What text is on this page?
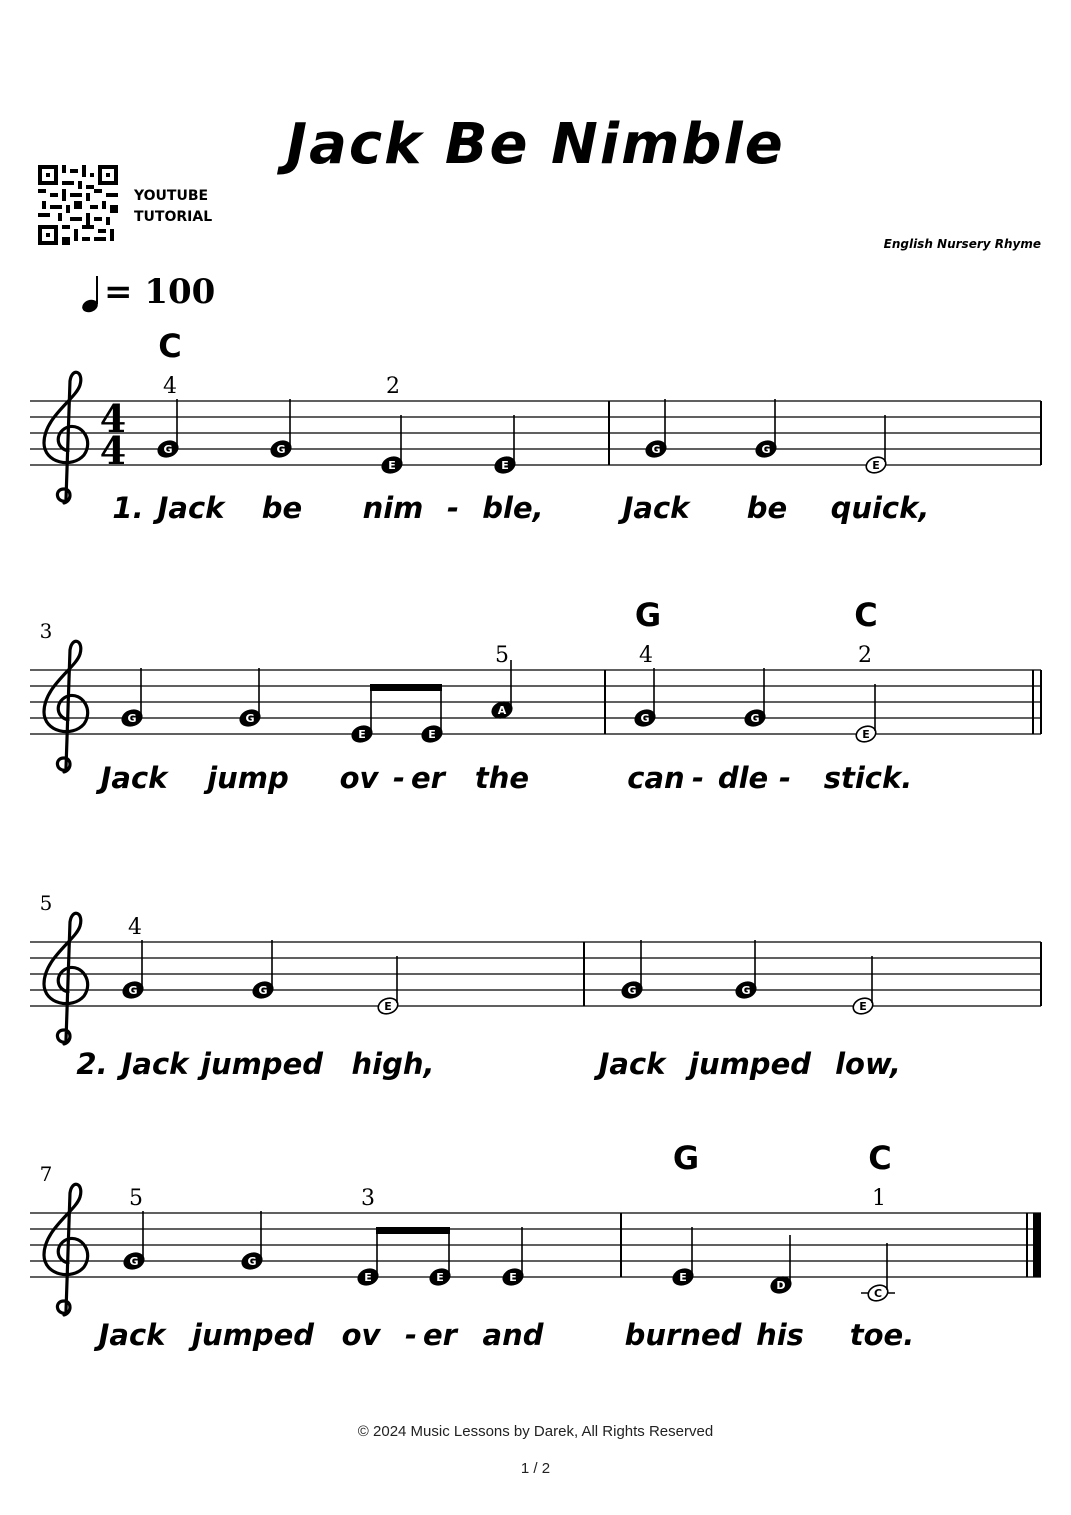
Jack Be Nimble
YOUTUBE
TUTORIAL
English Nursery Rhyme
= 100
G	G
E	E
G	G
E
4
4
C
4	2
1. Jack be nim - ble,	Jack be quick,
G	G
E	E
A
G	G
E
3	G	C
5	4	2
Jack jump ov - er the	can - dle - stick.
G	G
E
G	G
E
5
4
2. Jack jumped high,	Jack jumped low,
G	G
E	E	E	E
D
C
7	G	C
5	3	1
Jack jumped ov - er and	burned his toe.
© 2024 Music Lessons by Darek, All Rights Reserved
1 / 2
